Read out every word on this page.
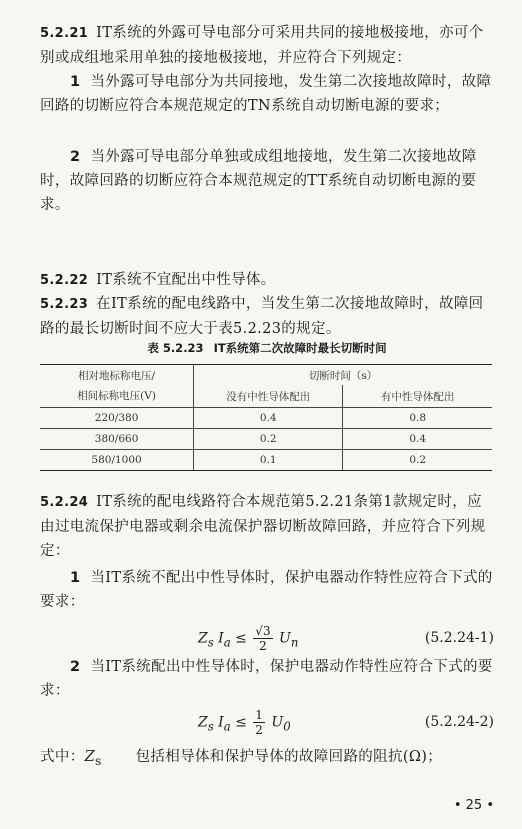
5.2.21 IT系统的外露可导电部分可采用共同的接地极接地，亦可个别或成组地采用单独的接地极接地，并应符合下列规定：
1 当外露可导电部分为共同接地，发生第二次接地故障时，故障回路的切断应符合本规范规定的TN系统自动切断电源的要求；
2 当外露可导电部分单独或成组地接地，发生第二次接地故障时，故障回路的切断应符合本规范规定的TT系统自动切断电源的要求。
5.2.22 IT系统不宜配出中性导体。
5.2.23 在IT系统的配电线路中，当发生第二次接地故障时，故障回路的最长切断时间不应大于表5.2.23的规定。
表 5.2.23 IT系统第二次故障时最长切断时间
相对地标称电压/
相间标称电压(V)	切断时间（s）	
	没有中性导体配出	有中性导体配出
220/380	0.4	0.8
380/660	0.2	0.4
580/1000	0.1	0.2
5.2.24 IT系统的配电线路符合本规范第5.2.21条第1款规定时，应由过电流保护电器或剩余电流保护器切断故障回路，并应符合下列规定：
1 当IT系统不配出中性导体时，保护电器动作特性应符合下式的要求：
$Z_s$ $I_a \le \frac{√3}{2} U_n$	(5.2.24-1)
2 当IT系统配出中性导体时，保护电器动作特性应符合下式的要求：
$Z_s$ $I_a \le \frac{1}{2} U_0$	(5.2.24-2)
式中：$Z_s$ 包括相导体和保护导体的故障回路的阻抗(Ω)；
• 25 •
